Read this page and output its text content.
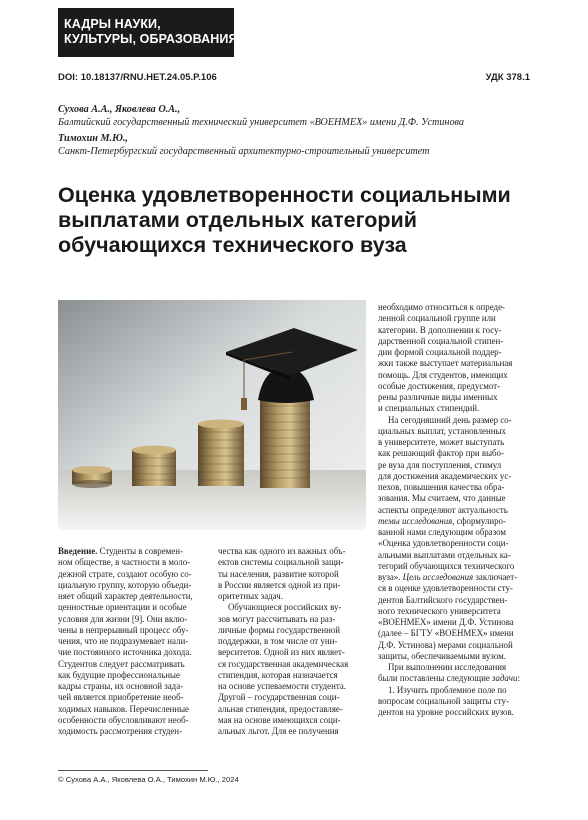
КАДРЫ НАУКИ,
КУЛЬТУРЫ, ОБРАЗОВАНИЯ
DOI: 10.18137/RNU.HET.24.05.P.106	УДК 378.1
Сухова А.А., Яковлева О.А.,
Балтийский государственный технический университет «ВОЕНМЕХ» имени Д.Ф. Устинова
Тимохин М.Ю.,
Санкт-Петербургский государственный архитектурно-строительный университет
Оценка удовлетворенности социальными
выплатами отдельных категорий
обучающихся технического вуза

Введение. Студенты в современ-

ном обществе, в частности в моло-
дежной страте, создают особую со-
циальную группу, которую объеди-
няет общий характер деятельности,
ценностные ориентации и особые
условия для жизни [9]. Они вклю-
чены в непрерывный процесс обу-
чения, что не подразумевает нали-
чие постоянного источника дохода.
Студентов следует рассматривать
как будущие профессиональные
кадры страны, их основной зада-
чей является приобретение необ-
ходимых навыков. Перечисленные
особенности обусловливают необ-
ходимость рассмотрения студен-
чества как одного из важных объ-
ектов системы социальной защи-
ты населения, развитие которой
в России является одной из при-
оритетных задач.
Обучающиеся российских ву-
зов могут рассчитывать на раз-
личные формы государственной
поддержки, в том числе от уни-
верситетов. Одной из них являет-
ся государственная академическая
стипендия, которая назначается
на основе успеваемости студента.
Другой – государственная соци-
альная стипендия, предоставляе-
мая на основе имеющихся соци-
альных льгот. Для ее получения
необходимо относиться к опреде-
ленной социальной группе или
категории. В дополнении к госу-
дарственной социальной стипен-
дии формой социальной поддер-
жки также выступает материальная
помощь. Для студентов, имеющих
особые достижения, предусмот-
рены различные виды именных
и специальных стипендий.
На сегодняшний день размер со-
циальных выплат, установленных
в университете, может выступать
как решающий фактор при выбо-
ре вуза для поступления, стимул
для достижения академических ус-
пехов, повышения качества обра-
зования. Мы считаем, что данные
аспекты определяют актуальность
темы исследования, сформулиро-
ванной нами следующим образом
«Оценка удовлетворенности соци-
альными выплатами отдельных ка-
тегорий обучающихся технического
вуза». Цель исследования заключает-
ся в оценке удовлетворенности сту-
дентов Балтийского государствен-
ного технического университета
«ВОЕНМЕХ» имени Д.Ф. Устинова
(далее – БГТУ «ВОЕНМЕХ» имени
Д.Ф. Устинова) мерами социальной
защиты, обеспечиваемыми вузом.
При выполнении исследования
были поставлены следующие задачи:
1. Изучить проблемное поле по
вопросам социальной защиты сту-
дентов на уровне российских вузов.
© Сухова А.А., Яковлева О.А., Тимохин М.Ю., 2024
